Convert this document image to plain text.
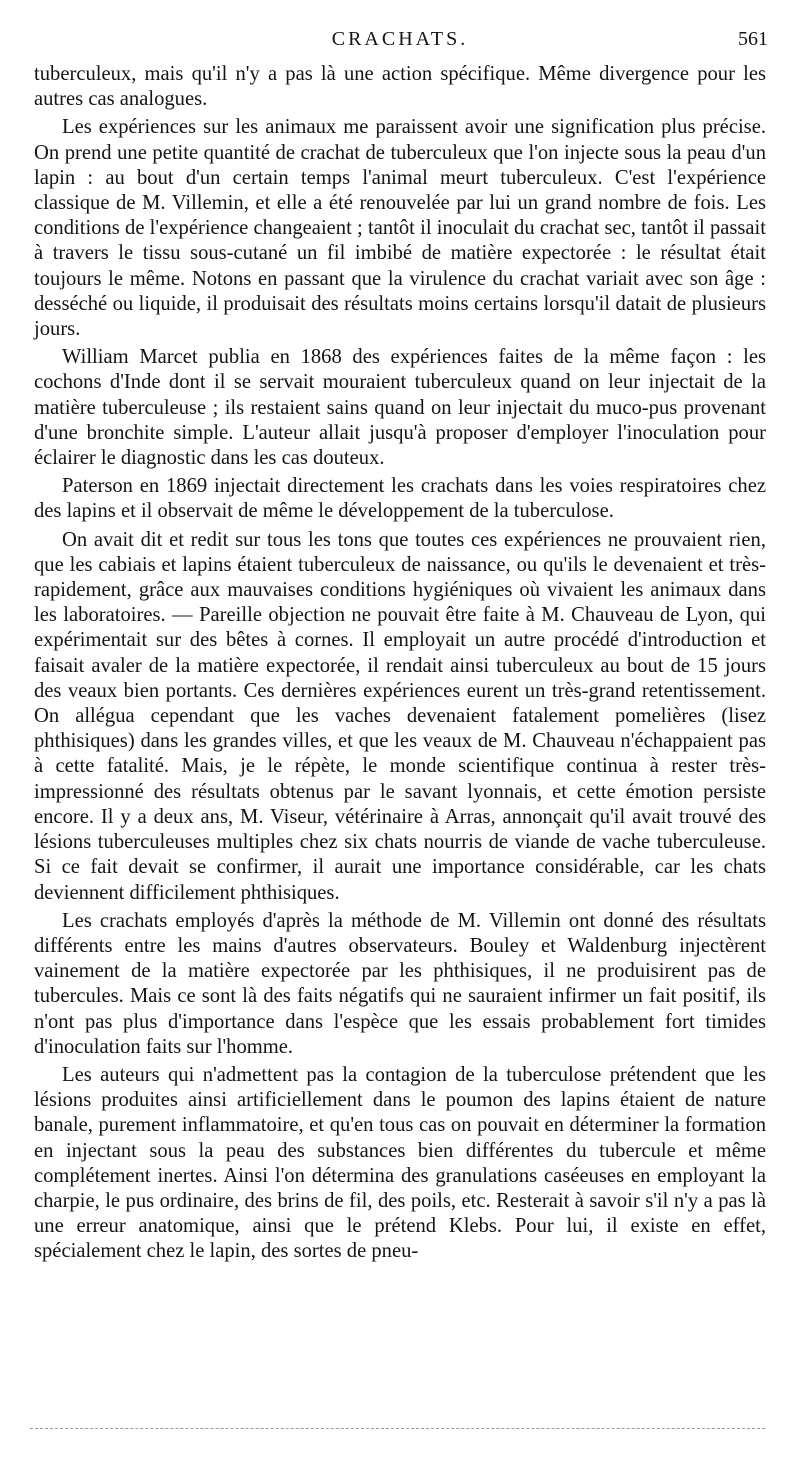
CRACHATS.	561

tuberculeux, mais qu'il n'y a pas là une action spécifique. Même divergence pour les autres cas analogues.

Les expériences sur les animaux me paraissent avoir une signification plus précise. On prend une petite quantité de crachat de tuberculeux que l'on injecte sous la peau d'un lapin : au bout d'un certain temps l'animal meurt tuberculeux. C'est l'expérience classique de M. Villemin, et elle a été renouvelée par lui un grand nombre de fois. Les conditions de l'expérience changeaient ; tantôt il inoculait du crachat sec, tantôt il passait à travers le tissu sous-cutané un fil imbibé de matière expectorée : le résultat était toujours le même. Notons en passant que la virulence du crachat variait avec son âge : desséché ou liquide, il produisait des résultats moins certains lorsqu'il datait de plusieurs jours.

William Marcet publia en 1868 des expériences faites de la même façon : les cochons d'Inde dont il se servait mouraient tuberculeux quand on leur injectait de la matière tuberculeuse ; ils restaient sains quand on leur injectait du muco-pus provenant d'une bronchite simple. L'auteur allait jusqu'à proposer d'employer l'inoculation pour éclairer le diagnostic dans les cas douteux.

Paterson en 1869 injectait directement les crachats dans les voies respiratoires chez des lapins et il observait de même le développement de la tuberculose.

On avait dit et redit sur tous les tons que toutes ces expériences ne prouvaient rien, que les cabiais et lapins étaient tuberculeux de naissance, ou qu'ils le devenaient et très-rapidement, grâce aux mauvaises conditions hygiéniques où vivaient les animaux dans les laboratoires. — Pareille objection ne pouvait être faite à M. Chauveau de Lyon, qui expérimentait sur des bêtes à cornes. Il employait un autre procédé d'introduction et faisait avaler de la matière expectorée, il rendait ainsi tuberculeux au bout de 15 jours des veaux bien portants. Ces dernières expériences eurent un très-grand retentissement. On allégua cependant que les vaches devenaient fatalement pomelières (lisez phthisiques) dans les grandes villes, et que les veaux de M. Chauveau n'échappaient pas à cette fatalité. Mais, je le répète, le monde scientifique continua à rester très-impressionné des résultats obtenus par le savant lyonnais, et cette émotion persiste encore. Il y a deux ans, M. Viseur, vétérinaire à Arras, annonçait qu'il avait trouvé des lésions tuberculeuses multiples chez six chats nourris de viande de vache tuberculeuse. Si ce fait devait se confirmer, il aurait une importance considérable, car les chats deviennent difficilement phthisiques.

Les crachats employés d'après la méthode de M. Villemin ont donné des résultats différents entre les mains d'autres observateurs. Bouley et Waldenburg injectèrent vainement de la matière expectorée par les phthisiques, il ne produisirent pas de tubercules. Mais ce sont là des faits négatifs qui ne sauraient infirmer un fait positif, ils n'ont pas plus d'importance dans l'espèce que les essais probablement fort timides d'inoculation faits sur l'homme.

Les auteurs qui n'admettent pas la contagion de la tuberculose prétendent que les lésions produites ainsi artificiellement dans le poumon des lapins étaient de nature banale, purement inflammatoire, et qu'en tous cas on pouvait en déterminer la formation en injectant sous la peau des substances bien différentes du tubercule et même complétement inertes. Ainsi l'on détermina des granulations caséeuses en employant la charpie, le pus ordinaire, des brins de fil, des poils, etc. Resterait à savoir s'il n'y a pas là une erreur anatomique, ainsi que le prétend Klebs. Pour lui, il existe en effet, spécialement chez le lapin, des sortes de pneu-
